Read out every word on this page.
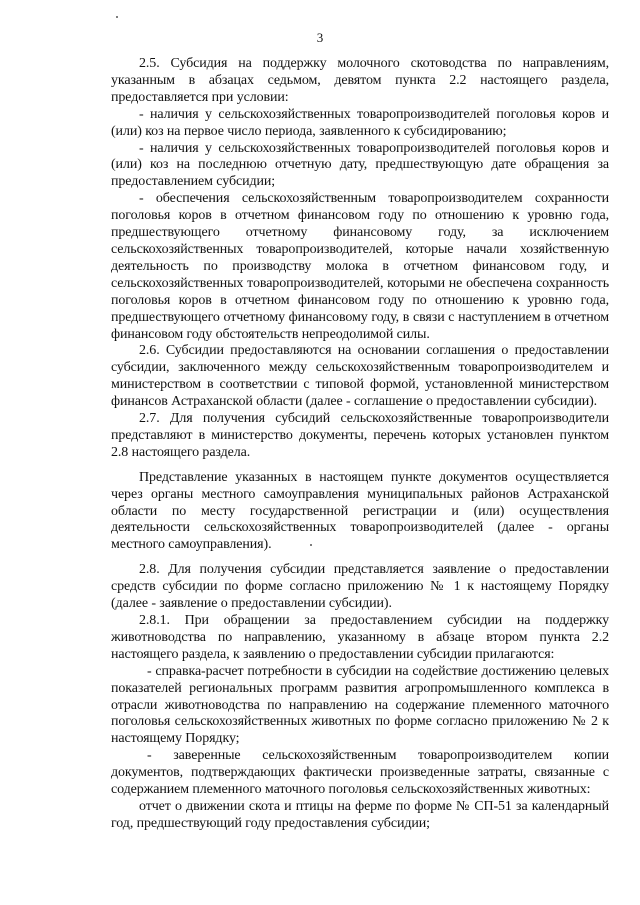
3

2.5. Субсидия на поддержку молочного скотоводства по направлениям, указанным в абзацах седьмом, девятом пункта 2.2 настоящего раздела, предоставляется при условии:

- наличия у сельскохозяйственных товаропроизводителей поголовья коров и (или) коз на первое число периода, заявленного к субсидированию;

- наличия у сельскохозяйственных товаропроизводителей поголовья коров и (или) коз на последнюю отчетную дату, предшествующую дате обращения за предоставлением субсидии;

- обеспечения сельскохозяйственным товаропроизводителем сохранности поголовья коров в отчетном финансовом году по отношению к уровню года, предшествующего отчетному финансовому году, за исключением сельскохозяйственных товаропроизводителей, которые начали хозяйственную деятельность по производству молока в отчетном финансовом году, и сельскохозяйственных товаропроизводителей, которыми не обеспечена сохранность поголовья коров в отчетном финансовом году по отношению к уровню года, предшествующего отчетному финансовому году, в связи с наступлением в отчетном финансовом году обстоятельств непреодолимой силы.

2.6. Субсидии предоставляются на основании соглашения о предоставлении субсидии, заключенного между сельскохозяйственным товаропроизводителем и министерством в соответствии с типовой формой, установленной министерством финансов Астраханской области (далее - соглашение о предоставлении субсидии).

2.7. Для получения субсидий сельскохозяйственные товаропроизводители представляют в министерство документы, перечень которых установлен пунктом 2.8 настоящего раздела.

Представление указанных в настоящем пункте документов осуществляется через органы местного самоуправления муниципальных районов Астраханской области по месту государственной регистрации и (или) осуществления деятельности сельскохозяйственных товаропроизводителей (далее - органы местного самоуправления).

2.8. Для получения субсидии представляется заявление о предоставлении средств субсидии по форме согласно приложению № 1 к настоящему Порядку (далее - заявление о предоставлении субсидии).

2.8.1. При обращении за предоставлением субсидии на поддержку животноводства по направлению, указанному в абзаце втором пункта 2.2 настоящего раздела, к заявлению о предоставлении субсидии прилагаются:

- справка-расчет потребности в субсидии на содействие достижению целевых показателей региональных программ развития агропромышленного комплекса в отрасли животноводства по направлению на содержание племенного маточного поголовья сельскохозяйственных животных по форме согласно приложению № 2 к настоящему Порядку;

- заверенные сельскохозяйственным товаропроизводителем копии документов, подтверждающих фактически произведенные затраты, связанные с содержанием племенного маточного поголовья сельскохозяйственных животных:

отчет о движении скота и птицы на ферме по форме № СП-51 за календарный год, предшествующий году предоставления субсидии;
